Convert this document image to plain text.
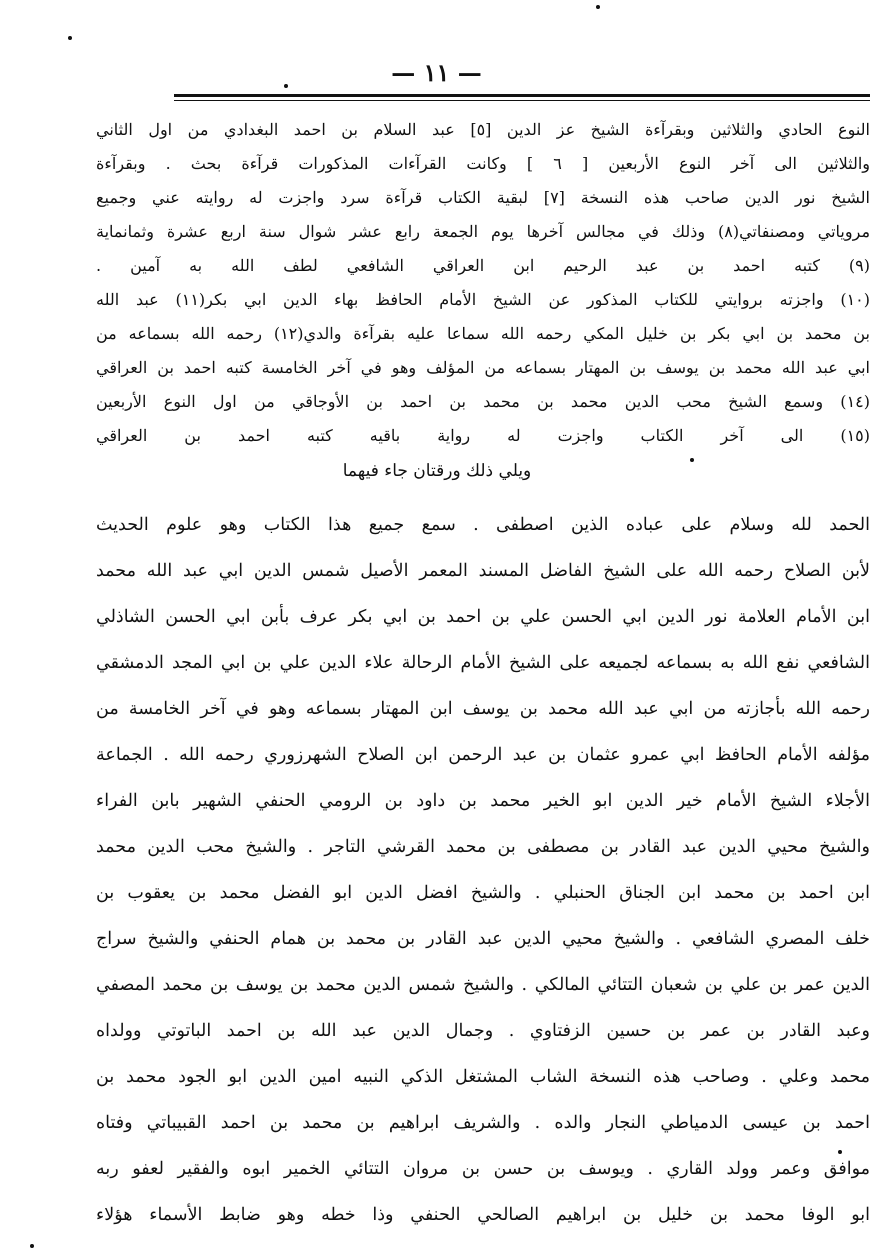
— ١١ —
النوع الحادي والثلاثين وبقرآءة الشيخ عز الدين [٥] عبد السلام بن احمد البغدادي من اول الثاني
والثلاثين الى آخر النوع الأربعين [ ٦ ] وكانت القرآءات المذكورات قرآءة بحث . وبقرآءة
الشيخ نور الدين صاحب هذه النسخة [٧] لبقية الكتاب قرآءة سرد واجزت له روايته عني وجميع
مروياتي ومصنفاتي(٨) وذلك في مجالس آخرها يوم الجمعة رابع عشر شوال سنة اربع عشرة وثمانماية
(٩) كتبه احمد بن عبد الرحيم ابن العراقي الشافعي لطف الله به آمين .
(١٠) واجزته بروايتي للكتاب المذكور عن الشيخ الأمام الحافظ بهاء الدين ابي بكر(١١) عبد الله
بن محمد بن ابي بكر بن خليل المكي رحمه الله سماعا عليه بقرآءة والدي(١٢) رحمه الله بسماعه من
ابي عبد الله محمد بن يوسف بن المهتار بسماعه من المؤلف وهو في آخر الخامسة كتبه احمد بن العراقي
(١٤) وسمع الشيخ محب الدين محمد بن محمد بن احمد بن الأوجاقي من اول النوع الأربعين
(١٥) الى آخر الكتاب واجزت له رواية باقيه كتبه احمد بن العراقي
ويلي ذلك ورقتان جاء فيهما
الحمد لله وسلام على عباده الذين اصطفى . سمع جميع هذا الكتاب وهو علوم الحديث
لأبن الصلاح رحمه الله على الشيخ الفاضل المسند المعمر الأصيل شمس الدين ابي عبد الله محمد
ابن الأمام العلامة نور الدين ابي الحسن علي بن احمد بن ابي بكر عرف بأبن ابي الحسن الشاذلي
الشافعي نفع الله به بسماعه لجميعه على الشيخ الأمام الرحالة علاء الدين علي بن ابي المجد الدمشقي
رحمه الله بأجازته من ابي عبد الله محمد بن يوسف ابن المهتار بسماعه وهو في آخر الخامسة من
مؤلفه الأمام الحافظ ابي عمرو عثمان بن عبد الرحمن ابن الصلاح الشهرزوري رحمه الله . الجماعة
الأجلاء الشيخ الأمام خير الدين ابو الخير محمد بن داود بن الرومي الحنفي الشهير بابن الفراء
والشيخ محيي الدين عبد القادر بن مصطفى بن محمد القرشي التاجر . والشيخ محب الدين محمد
ابن احمد بن محمد ابن الجناق الحنبلي . والشيخ افضل الدين ابو الفضل محمد بن يعقوب بن
خلف المصري الشافعي . والشيخ محيي الدين عبد القادر بن محمد بن همام الحنفي والشيخ سراج
الدين عمر بن علي بن شعبان التتائي المالكي . والشيخ شمس الدين محمد بن يوسف بن محمد المصفي
وعبد القادر بن عمر بن حسين الزفتاوي . وجمال الدين عبد الله بن احمد الباتوتي وولداه
محمد وعلي . وصاحب هذه النسخة الشاب المشتغل الذكي النبيه امين الدين ابو الجود محمد بن
احمد بن عيسى الدمياطي النجار والده . والشريف ابراهيم بن محمد بن احمد القبيباتي وفتاه
موافق وعمر وولد القاري . ويوسف بن حسن بن مروان التتائي الخمير ابوه والفقير لعفو ربه
ابو الوفا محمد بن خليل بن ابراهيم الصالحي الحنفي وذا خطه وهو ضابط الأسماء هؤلاء
